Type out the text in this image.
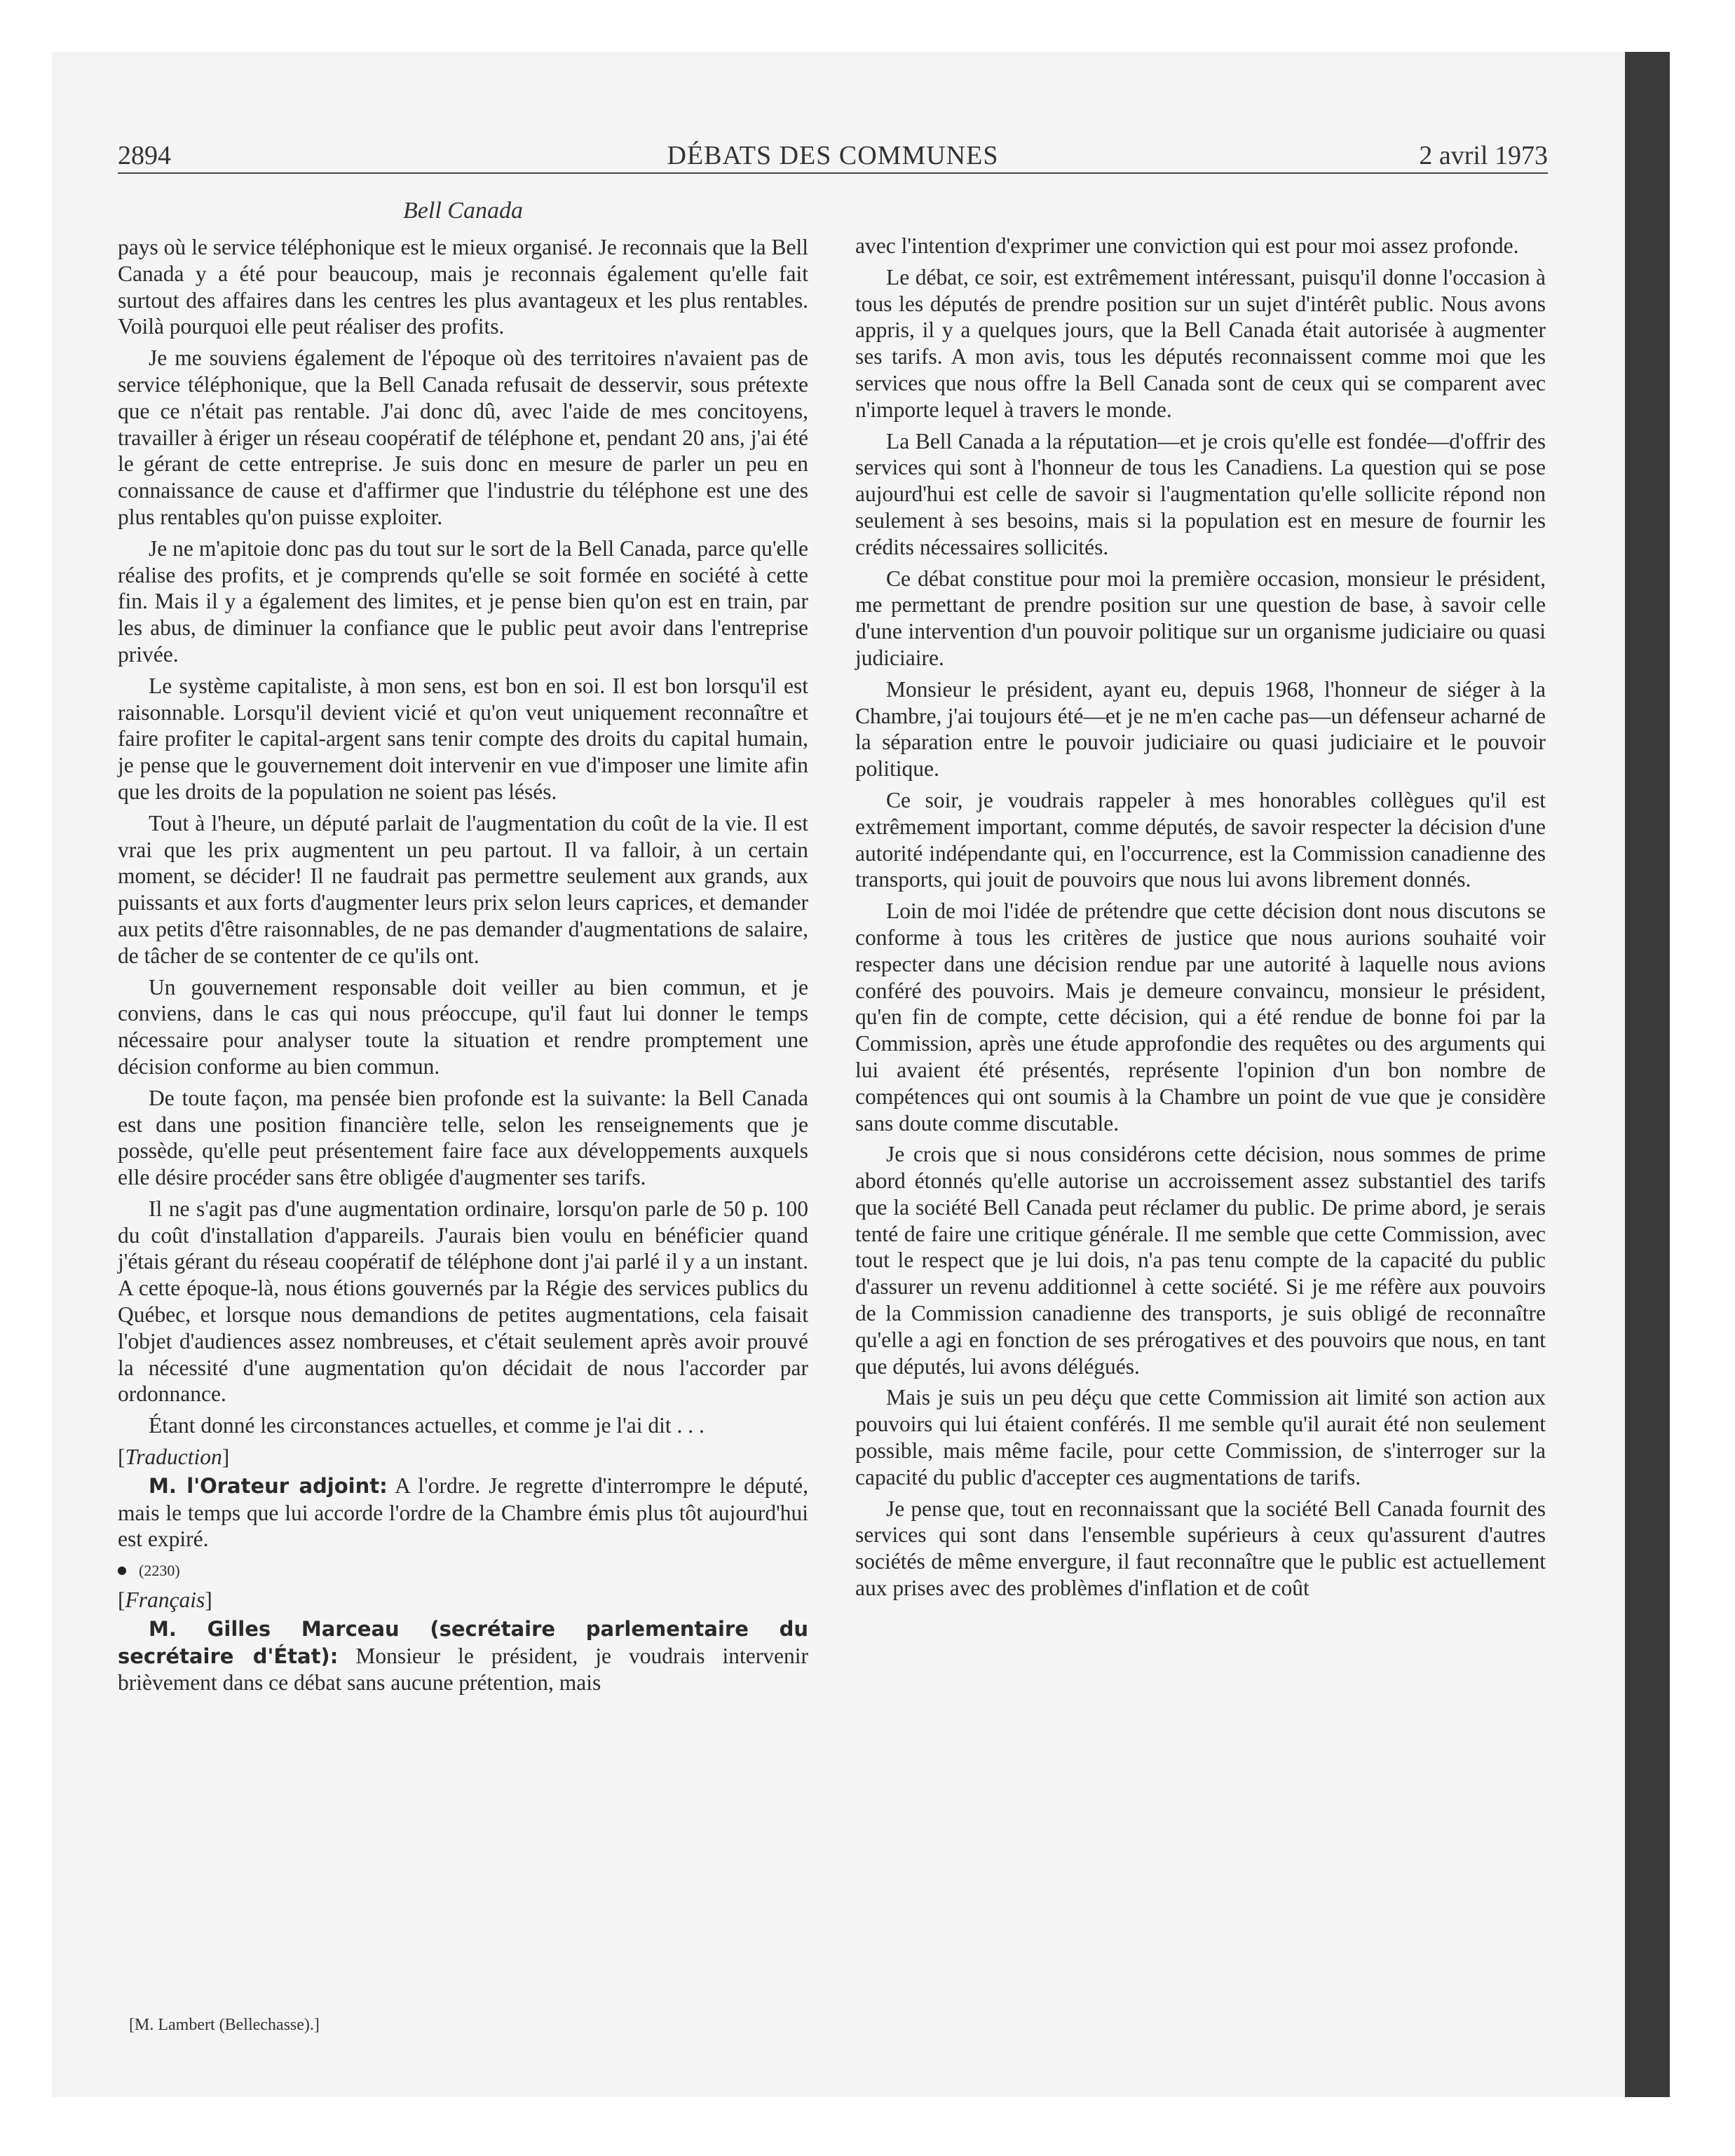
2894	DÉBATS DES COMMUNES	2 avril 1973
Bell Canada

pays où le service téléphonique est le mieux organisé. Je reconnais que la Bell Canada y a été pour beaucoup, mais je reconnais également qu'elle fait surtout des affaires dans les centres les plus avantageux et les plus rentables. Voilà pourquoi elle peut réaliser des profits.

Je me souviens également de l'époque où des territoires n'avaient pas de service téléphonique, que la Bell Canada refusait de desservir, sous prétexte que ce n'était pas rentable. J'ai donc dû, avec l'aide de mes concitoyens, travailler à ériger un réseau coopératif de téléphone et, pendant 20 ans, j'ai été le gérant de cette entreprise. Je suis donc en mesure de parler un peu en connaissance de cause et d'affirmer que l'industrie du téléphone est une des plus rentables qu'on puisse exploiter.

Je ne m'apitoie donc pas du tout sur le sort de la Bell Canada, parce qu'elle réalise des profits, et je comprends qu'elle se soit formée en société à cette fin. Mais il y a également des limites, et je pense bien qu'on est en train, par les abus, de diminuer la confiance que le public peut avoir dans l'entreprise privée.

Le système capitaliste, à mon sens, est bon en soi. Il est bon lorsqu'il est raisonnable. Lorsqu'il devient vicié et qu'on veut uniquement reconnaître et faire profiter le capital-argent sans tenir compte des droits du capital humain, je pense que le gouvernement doit intervenir en vue d'imposer une limite afin que les droits de la population ne soient pas lésés.

Tout à l'heure, un député parlait de l'augmentation du coût de la vie. Il est vrai que les prix augmentent un peu partout. Il va falloir, à un certain moment, se décider! Il ne faudrait pas permettre seulement aux grands, aux puissants et aux forts d'augmenter leurs prix selon leurs caprices, et demander aux petits d'être raisonnables, de ne pas demander d'augmentations de salaire, de tâcher de se contenter de ce qu'ils ont.

Un gouvernement responsable doit veiller au bien commun, et je conviens, dans le cas qui nous préoccupe, qu'il faut lui donner le temps nécessaire pour analyser toute la situation et rendre promptement une décision conforme au bien commun.

De toute façon, ma pensée bien profonde est la suivante: la Bell Canada est dans une position financière telle, selon les renseignements que je possède, qu'elle peut présentement faire face aux développements auxquels elle désire procéder sans être obligée d'augmenter ses tarifs.

Il ne s'agit pas d'une augmentation ordinaire, lorsqu'on parle de 50 p. 100 du coût d'installation d'appareils. J'aurais bien voulu en bénéficier quand j'étais gérant du réseau coopératif de téléphone dont j'ai parlé il y a un instant. A cette époque-là, nous étions gouvernés par la Régie des services publics du Québec, et lorsque nous demandions de petites augmentations, cela faisait l'objet d'audiences assez nombreuses, et c'était seulement après avoir prouvé la nécessité d'une augmentation qu'on décidait de nous l'accorder par ordonnance.

Étant donné les circonstances actuelles, et comme je l'ai dit . . .

[Traduction]

M. l'Orateur adjoint: A l'ordre. Je regrette d'interrompre le député, mais le temps que lui accorde l'ordre de la Chambre émis plus tôt aujourd'hui est expiré.

(2230)

[Français]

M. Gilles Marceau (secrétaire parlementaire du secrétaire d'État): Monsieur le président, je voudrais intervenir brièvement dans ce débat sans aucune prétention, mais

avec l'intention d'exprimer une conviction qui est pour moi assez profonde.

Le débat, ce soir, est extrêmement intéressant, puisqu'il donne l'occasion à tous les députés de prendre position sur un sujet d'intérêt public. Nous avons appris, il y a quelques jours, que la Bell Canada était autorisée à augmenter ses tarifs. A mon avis, tous les députés reconnaissent comme moi que les services que nous offre la Bell Canada sont de ceux qui se comparent avec n'importe lequel à travers le monde.

La Bell Canada a la réputation—et je crois qu'elle est fondée—d'offrir des services qui sont à l'honneur de tous les Canadiens. La question qui se pose aujourd'hui est celle de savoir si l'augmentation qu'elle sollicite répond non seulement à ses besoins, mais si la population est en mesure de fournir les crédits nécessaires sollicités.

Ce débat constitue pour moi la première occasion, monsieur le président, me permettant de prendre position sur une question de base, à savoir celle d'une intervention d'un pouvoir politique sur un organisme judiciaire ou quasi judiciaire.

Monsieur le président, ayant eu, depuis 1968, l'honneur de siéger à la Chambre, j'ai toujours été—et je ne m'en cache pas—un défenseur acharné de la séparation entre le pouvoir judiciaire ou quasi judiciaire et le pouvoir politique.

Ce soir, je voudrais rappeler à mes honorables collègues qu'il est extrêmement important, comme députés, de savoir respecter la décision d'une autorité indépendante qui, en l'occurrence, est la Commission canadienne des transports, qui jouit de pouvoirs que nous lui avons librement donnés.

Loin de moi l'idée de prétendre que cette décision dont nous discutons se conforme à tous les critères de justice que nous aurions souhaité voir respecter dans une décision rendue par une autorité à laquelle nous avions conféré des pouvoirs. Mais je demeure convaincu, monsieur le président, qu'en fin de compte, cette décision, qui a été rendue de bonne foi par la Commission, après une étude approfondie des requêtes ou des arguments qui lui avaient été présentés, représente l'opinion d'un bon nombre de compétences qui ont soumis à la Chambre un point de vue que je considère sans doute comme discutable.

Je crois que si nous considérons cette décision, nous sommes de prime abord étonnés qu'elle autorise un accroissement assez substantiel des tarifs que la société Bell Canada peut réclamer du public. De prime abord, je serais tenté de faire une critique générale. Il me semble que cette Commission, avec tout le respect que je lui dois, n'a pas tenu compte de la capacité du public d'assurer un revenu additionnel à cette société. Si je me réfère aux pouvoirs de la Commission canadienne des transports, je suis obligé de reconnaître qu'elle a agi en fonction de ses prérogatives et des pouvoirs que nous, en tant que députés, lui avons délégués.

Mais je suis un peu déçu que cette Commission ait limité son action aux pouvoirs qui lui étaient conférés. Il me semble qu'il aurait été non seulement possible, mais même facile, pour cette Commission, de s'interroger sur la capacité du public d'accepter ces augmentations de tarifs.

Je pense que, tout en reconnaissant que la société Bell Canada fournit des services qui sont dans l'ensemble supérieurs à ceux qu'assurent d'autres sociétés de même envergure, il faut reconnaître que le public est actuellement aux prises avec des problèmes d'inflation et de coût

[M. Lambert (Bellechasse).]
